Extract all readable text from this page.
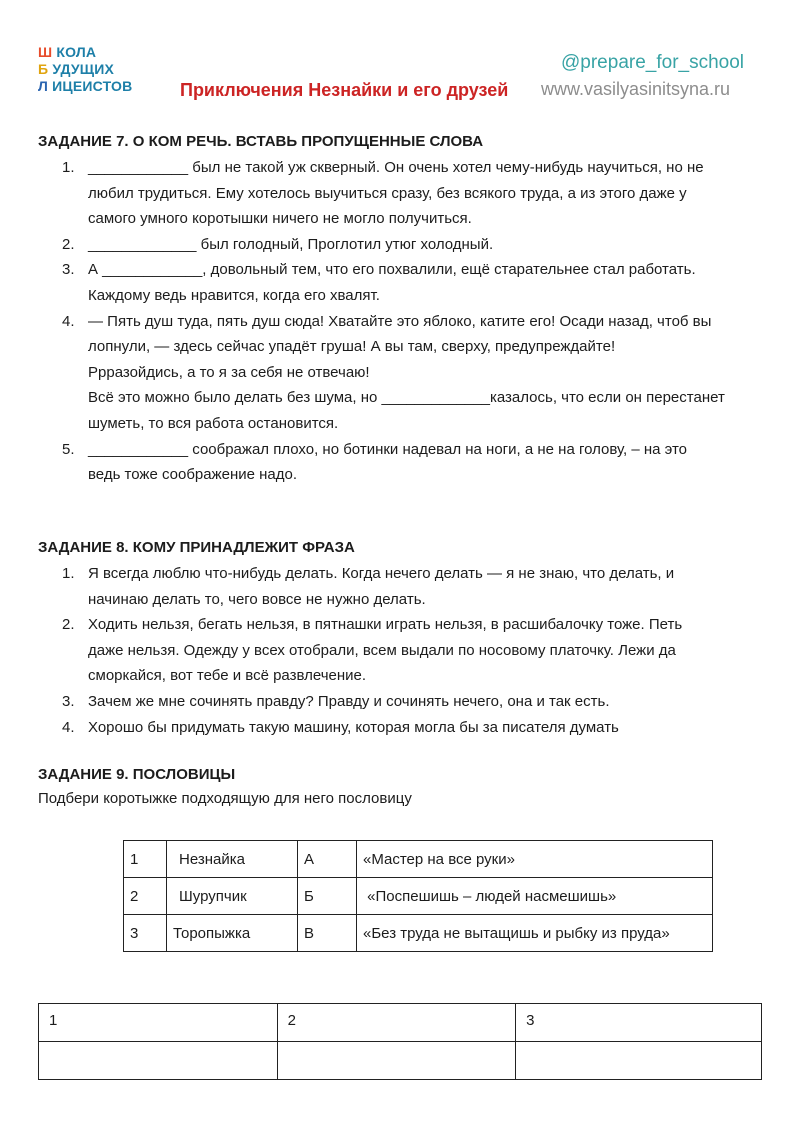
Ш КОЛА
Б УДУЩИХ
Л ИЦЕИСТОВ	Приключения Незнайки и его друзей
@prepare_for_school
www.vasilyasinitsyna.ru
ЗАДАНИЕ 7. О КОМ РЕЧЬ. ВСТАВЬ ПРОПУЩЕННЫЕ СЛОВА
1. ____________ был не такой уж скверный. Он очень хотел чему-нибудь научиться, но не
любил трудиться. Ему хотелось выучиться сразу, без всякого труда, а из этого даже у
самого умного коротышки ничего не могло получиться.
2. _____________ был голодный, Проглотил утюг холодный.
3. А ____________, довольный тем, что его похвалили, ещё старательнее стал работать.
Каждому ведь нравится, когда его хвалят.
4. — Пять душ туда, пять душ сюда! Хватайте это яблоко, катите его! Осади назад, чтоб вы
лопнули, — здесь сейчас упадёт груша! А вы там, сверху, предупреждайте!
Ррразойдись, а то я за себя не отвечаю!
Всё это можно было делать без шума, но _____________казалось, что если он перестанет
шуметь, то вся работа остановится.
5. ____________ соображал плохо, но ботинки надевал на ноги, а не на голову, – на это
ведь тоже соображение надо.
ЗАДАНИЕ 8. КОМУ ПРИНАДЛЕЖИТ ФРАЗА
1. Я всегда люблю что-нибудь делать. Когда нечего делать — я не знаю, что делать, и
начинаю делать то, чего вовсе не нужно делать.
2. Ходить нельзя, бегать нельзя, в пятнашки играть нельзя, в расшибалочку тоже. Петь
даже нельзя. Одежду у всех отобрали, всем выдали по носовому платочку. Лежи да
сморкайся, вот тебе и всё развлечение.
3. Зачем же мне сочинять правду? Правду и сочинять нечего, она и так есть.
4. Хорошо бы придумать такую машину, которая могла бы за писателя думать
ЗАДАНИЕ 9. ПОСЛОВИЦЫ
Подбери коротыжке подходящую для него пословицу
1	Незнайка	А	«Мастер на все руки»
2	Шурупчик	Б	«Поспешишь – людей насмешишь»
3	Торопыжка	В	«Без труда не вытащишь и рыбку из пруда»
1	2	3
